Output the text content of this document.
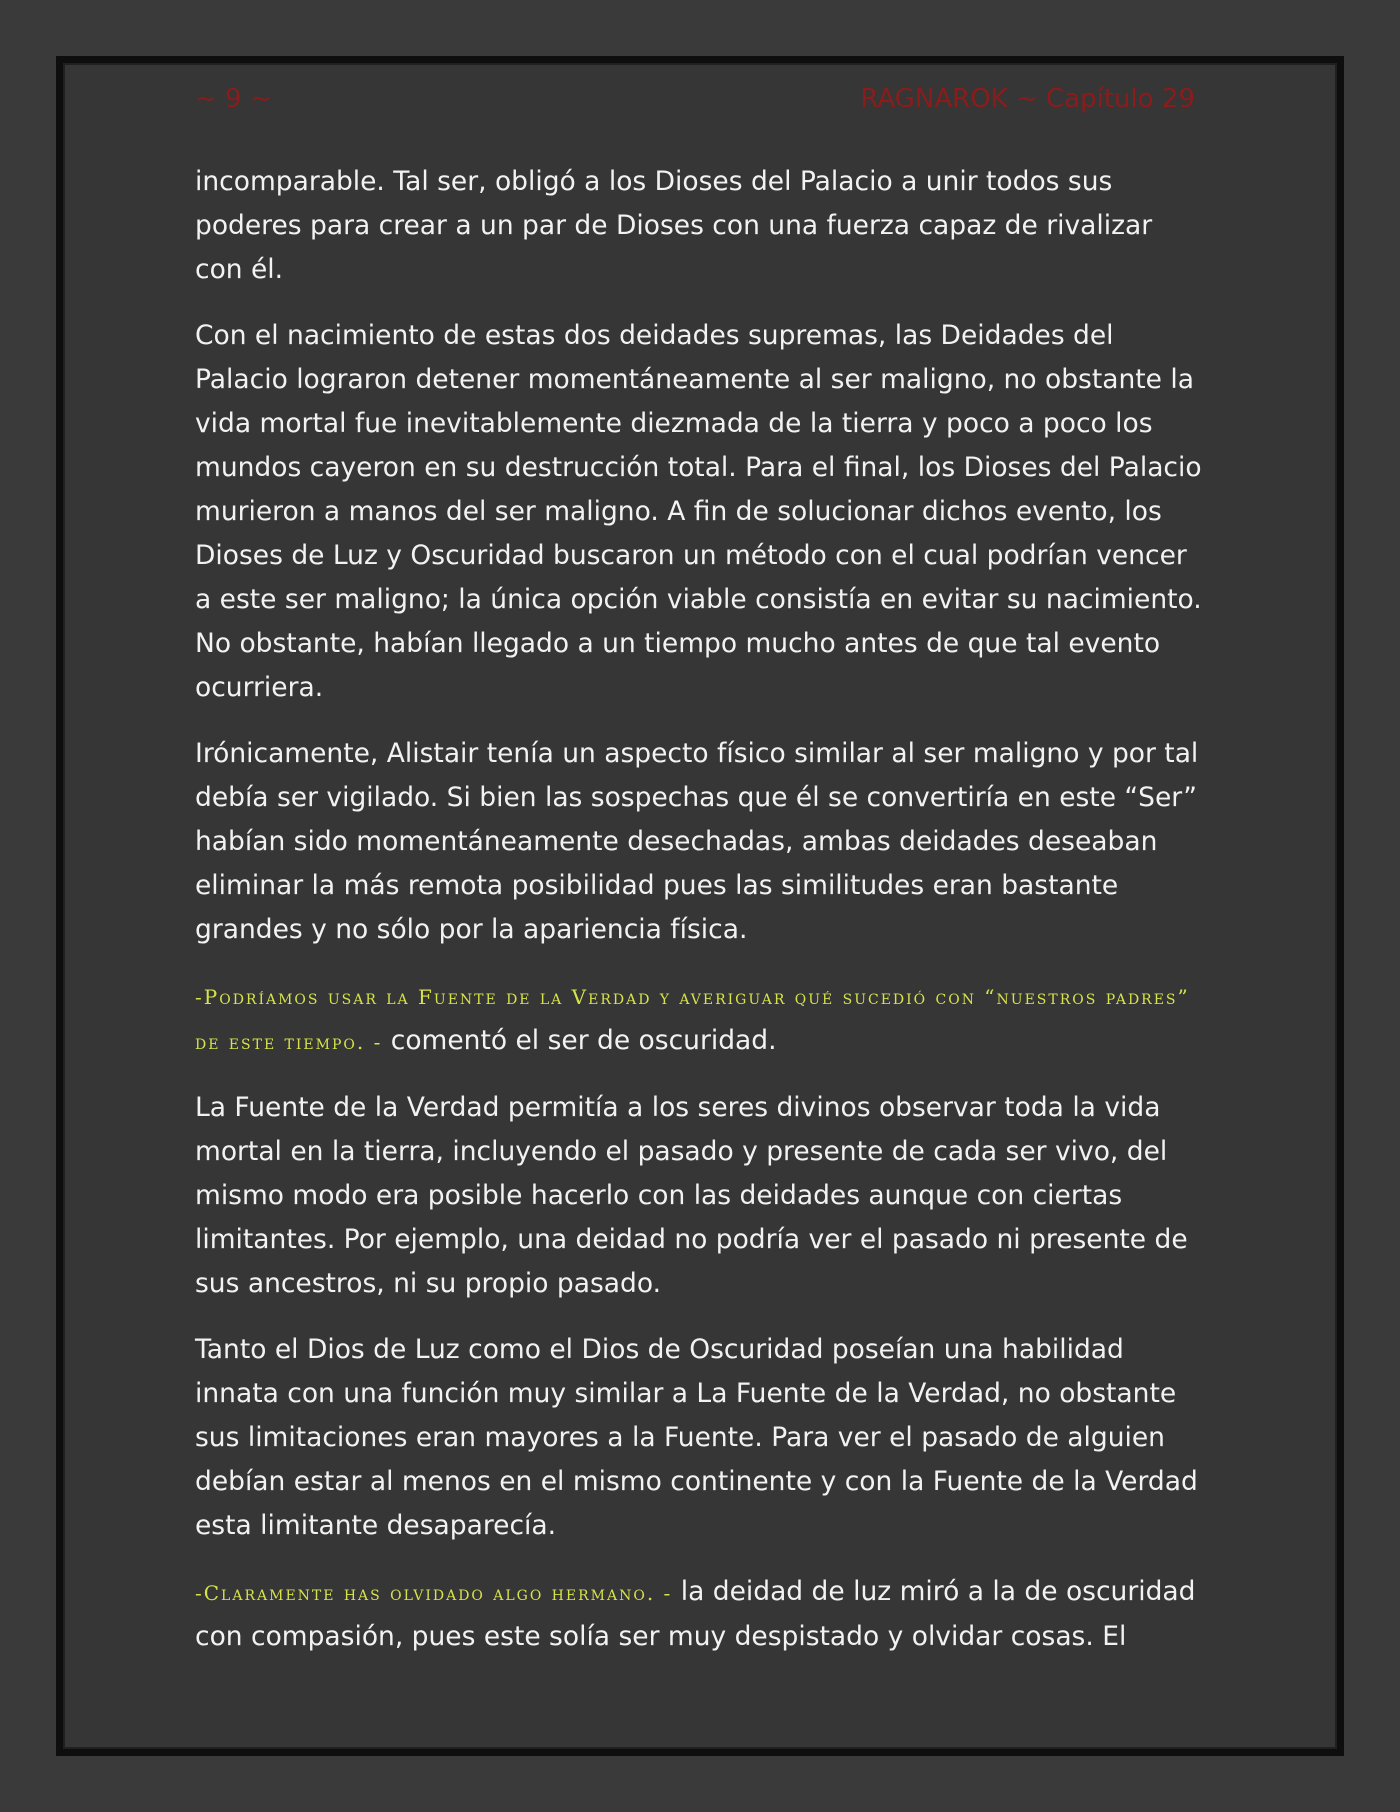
~ 9 ~	RAGNAROK ~ Capítulo 29

incomparable. Tal ser, obligó a los Dioses del Palacio a unir todos sus poderes para crear a un par de Dioses con una fuerza capaz de rivalizar con él.

Con el nacimiento de estas dos deidades supremas, las Deidades del Palacio lograron detener momentáneamente al ser maligno, no obstante la vida mortal fue inevitablemente diezmada de la tierra y poco a poco los mundos cayeron en su destrucción total. Para el final, los Dioses del Palacio murieron a manos del ser maligno. A fin de solucionar dichos evento, los Dioses de Luz y Oscuridad buscaron un método con el cual podrían vencer a este ser maligno; la única opción viable consistía en evitar su nacimiento. No obstante, habían llegado a un tiempo mucho antes de que tal evento ocurriera.

Irónicamente, Alistair tenía un aspecto físico similar al ser maligno y por tal debía ser vigilado. Si bien las sospechas que él se convertiría en este “Ser” habían sido momentáneamente desechadas, ambas deidades deseaban eliminar la más remota posibilidad pues las similitudes eran bastante grandes y no sólo por la apariencia física.

-Podríamos usar la Fuente de la Verdad y averiguar qué sucedió con “nuestros padres” de este tiempo. - comentó el ser de oscuridad.

La Fuente de la Verdad permitía a los seres divinos observar toda la vida mortal en la tierra, incluyendo el pasado y presente de cada ser vivo, del mismo modo era posible hacerlo con las deidades aunque con ciertas limitantes. Por ejemplo, una deidad no podría ver el pasado ni presente de sus ancestros, ni su propio pasado.

Tanto el Dios de Luz como el Dios de Oscuridad poseían una habilidad innata con una función muy similar a La Fuente de la Verdad, no obstante sus limitaciones eran mayores a la Fuente. Para ver el pasado de alguien debían estar al menos en el mismo continente y con la Fuente de la Verdad esta limitante desaparecía.

-Claramente has olvidado algo hermano. - la deidad de luz miró a la de oscuridad con compasión, pues este solía ser muy despistado y olvidar cosas. El
